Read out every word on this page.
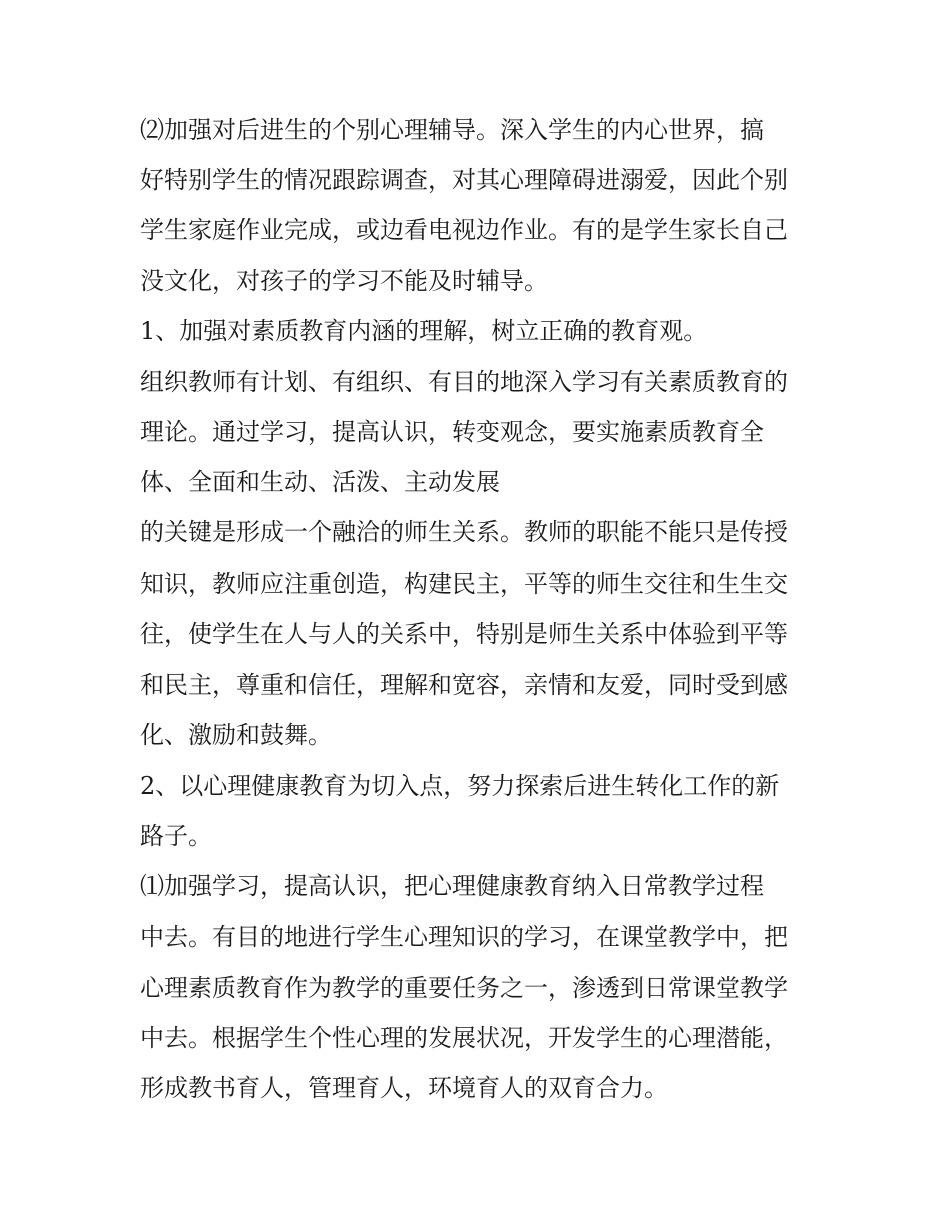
⑵加强对后进生的个别心理辅导。深入学生的内心世界，搞
好特别学生的情况跟踪调查，对其心理障碍进溺爱，因此个别
学生家庭作业完成，或边看电视边作业。有的是学生家长自己
没文化，对孩子的学习不能及时辅导。
1、加强对素质教育内涵的理解，树立正确的教育观。
组织教师有计划、有组织、有目的地深入学习有关素质教育的
理论。通过学习，提高认识，转变观念，要实施素质教育全
体、全面和生动、活泼、主动发展
的关键是形成一个融洽的师生关系。教师的职能不能只是传授
知识，教师应注重创造，构建民主，平等的师生交往和生生交
往，使学生在人与人的关系中，特别是师生关系中体验到平等
和民主，尊重和信任，理解和宽容，亲情和友爱，同时受到感
化、激励和鼓舞。
2、以心理健康教育为切入点，努力探索后进生转化工作的新
路子。
⑴加强学习，提高认识，把心理健康教育纳入日常教学过程
中去。有目的地进行学生心理知识的学习，在课堂教学中，把
心理素质教育作为教学的重要任务之一，渗透到日常课堂教学
中去。根据学生个性心理的发展状况，开发学生的心理潜能，
形成教书育人，管理育人，环境育人的双育合力。
